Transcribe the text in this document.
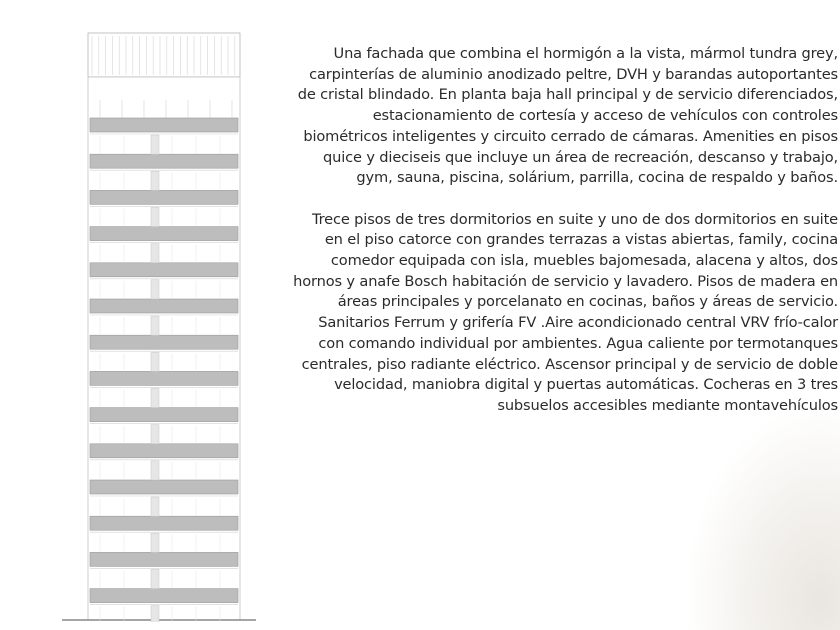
Una fachada que combina el hormigón a la vista, mármol tundra grey, carpinterías de aluminio anodizado peltre, DVH y barandas autoportantes de cristal blindado. En planta baja hall principal y de servicio diferenciados, estacionamiento de cortesía y acceso de vehículos con controles biométricos inteligentes y circuito cerrado de cámaras. Amenities en pisos quice y dieciseis que incluye un área de recreación, descanso y trabajo, gym, sauna, piscina, solárium, parrilla, cocina de respaldo y baños.

Trece pisos de tres dormitorios en suite y uno de dos dormitorios en suite en el piso catorce con grandes terrazas a vistas abiertas, family, cocina comedor equipada con isla, muebles bajomesada, alacena y altos, dos hornos y anafe Bosch habitación de servicio y lavadero. Pisos de madera en áreas principales y porcelanato en cocinas, baños y áreas de servicio. Sanitarios Ferrum y grifería FV .Aire acondicionado central VRV frío-calor con comando individual por ambientes. Agua caliente por termotanques centrales, piso radiante eléctrico. Ascensor principal y de servicio de doble velocidad, maniobra digital y puertas automáticas. Cocheras en 3 tres subsuelos accesibles mediante montavehículos
